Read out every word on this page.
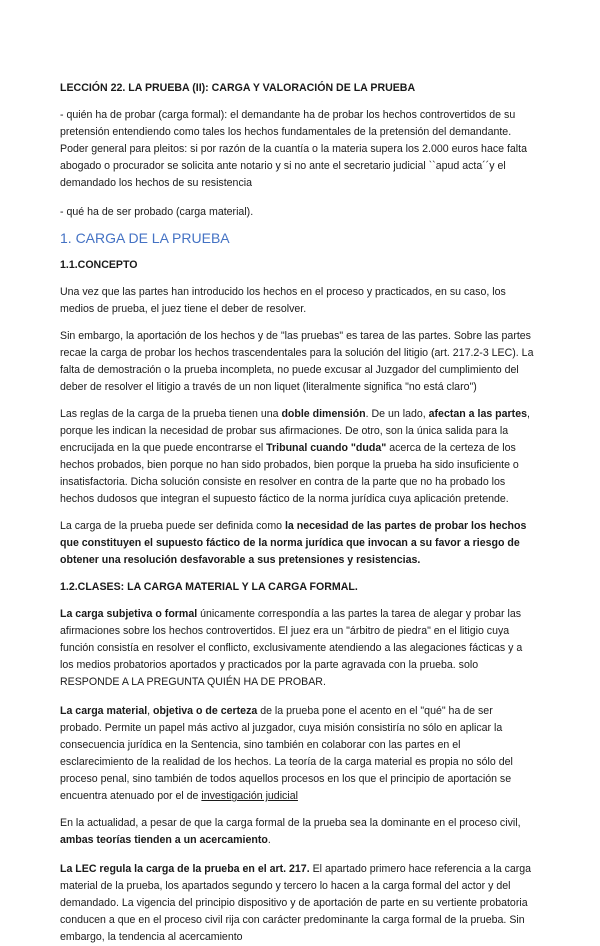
LECCIÓN 22. LA PRUEBA (II): CARGA Y VALORACIÓN DE LA PRUEBA

- quién ha de probar (carga formal): el demandante ha de probar los hechos controvertidos de su pretensión entendiendo como tales los hechos fundamentales de la pretensión del demandante. Poder general para pleitos: si por razón de la cuantía o la materia supera los 2.000 euros hace falta abogado o procurador se solicita ante notario y si no ante el secretario judicial ``apud acta´´y el demandado los hechos de su resistencia

- qué ha de ser probado (carga material).

1. CARGA DE LA PRUEBA
1.1.CONCEPTO

Una vez que las partes han introducido los hechos en el proceso y practicados, en su caso, los medios de prueba, el juez tiene el deber de resolver.

Sin embargo, la aportación de los hechos y de "las pruebas" es tarea de las partes. Sobre las partes recae la carga de probar los hechos trascendentales para la solución del litigio (art. 217.2-3 LEC). La falta de demostración o la prueba incompleta, no puede excusar al Juzgador del cumplimiento del deber de resolver el litigio a través de un non liquet (literalmente significa "no está claro")

Las reglas de la carga de la prueba tienen una doble dimensión. De un lado, afectan a las partes, porque les indican la necesidad de probar sus afirmaciones. De otro, son la única salida para la encrucijada en la que puede encontrarse el Tribunal cuando "duda" acerca de la certeza de los hechos probados, bien porque no han sido probados, bien porque la prueba ha sido insuficiente o insatisfactoria. Dicha solución consiste en resolver en contra de la parte que no ha probado los hechos dudosos que integran el supuesto fáctico de la norma jurídica cuya aplicación pretende.

La carga de la prueba puede ser definida como la necesidad de las partes de probar los hechos que constituyen el supuesto fáctico de la norma jurídica que invocan a su favor a riesgo de obtener una resolución desfavorable a sus pretensiones y resistencias.

1.2.CLASES: LA CARGA MATERIAL Y LA CARGA FORMAL.

La carga subjetiva o formal únicamente correspondía a las partes la tarea de alegar y probar las afirmaciones sobre los hechos controvertidos. El juez era un "árbitro de piedra" en el litigio cuya función consistía en resolver el conflicto, exclusivamente atendiendo a las alegaciones fácticas y a los medios probatorios aportados y practicados por la parte agravada con la prueba. solo RESPONDE A LA PREGUNTA QUIÉN HA DE PROBAR.

La carga material, objetiva o de certeza de la prueba pone el acento en el "qué" ha de ser probado. Permite un papel más activo al juzgador, cuya misión consistiría no sólo en aplicar la consecuencia jurídica en la Sentencia, sino también en colaborar con las partes en el esclarecimiento de la realidad de los hechos. La teoría de la carga material es propia no sólo del proceso penal, sino también de todos aquellos procesos en los que el principio de aportación se encuentra atenuado por el de investigación judicial

En la actualidad, a pesar de que la carga formal de la prueba sea la dominante en el proceso civil, ambas teorías tienden a un acercamiento.

La LEC regula la carga de la prueba en el art. 217. El apartado primero hace referencia a la carga material de la prueba, los apartados segundo y tercero lo hacen a la carga formal del actor y del demandado. La vigencia del principio dispositivo y de aportación de parte en su vertiente probatoria conducen a que en el proceso civil rija con carácter predominante la carga formal de la prueba. Sin embargo, la tendencia al acercamiento
